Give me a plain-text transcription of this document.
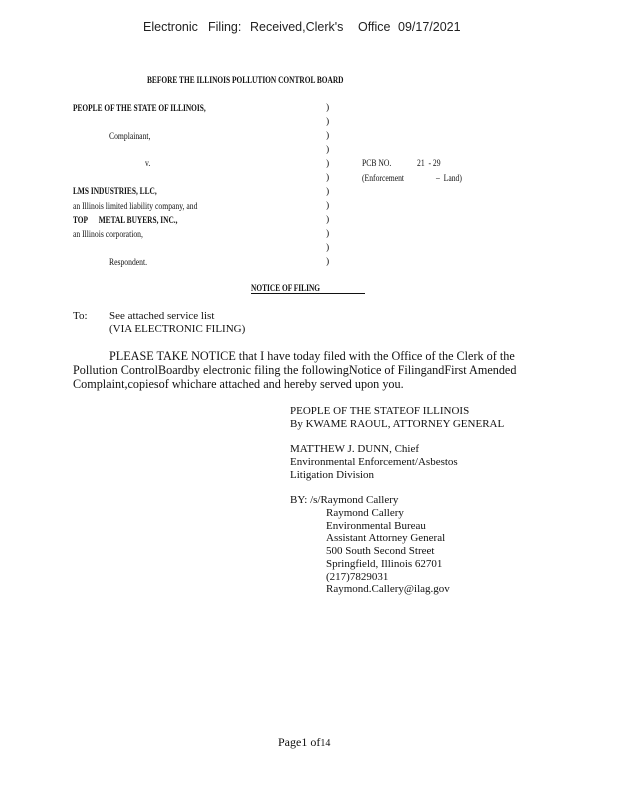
Electronic Filing: Received,Clerk's Office 09/17/2021
BEFORE THE ILLINOIS POLLUTION CONTROL BOARD
PEOPLE OF THE STATE OF ILLINOIS,
Complainant,
v.
LMS INDUSTRIES, LLC,
an Illinois limited liability company, and
TOP      METAL BUYERS, INC.,
an Illinois corporation,
Respondent.
)
)
)
)
)
)
)
)
)
)
)
)
PCB NO.	21  - 29
(Enforcement	–  Land)
NOTICE OF FILING
To: See attached service list
(VIA ELECTRONIC FILING)
PLEASE TAKE NOTICE that I have today filed with the Office of the Clerk of the
Pollution ControlBoardby electronic filing the followingNotice of FilingandFirst Amended
Complaint,copiesof whichare attached and hereby served upon you.
PEOPLE OF THE STATEOF ILLINOIS
By KWAME RAOUL, ATTORNEY GENERAL
MATTHEW J. DUNN, Chief
Environmental Enforcement/Asbestos
Litigation Division
BY: /s/Raymond Callery
Raymond Callery
Environmental Bureau
Assistant Attorney General
500 South Second Street
Springfield, Illinois 62701
(217)7829031
Raymond.Callery@ilag.gov
Page1 of14
